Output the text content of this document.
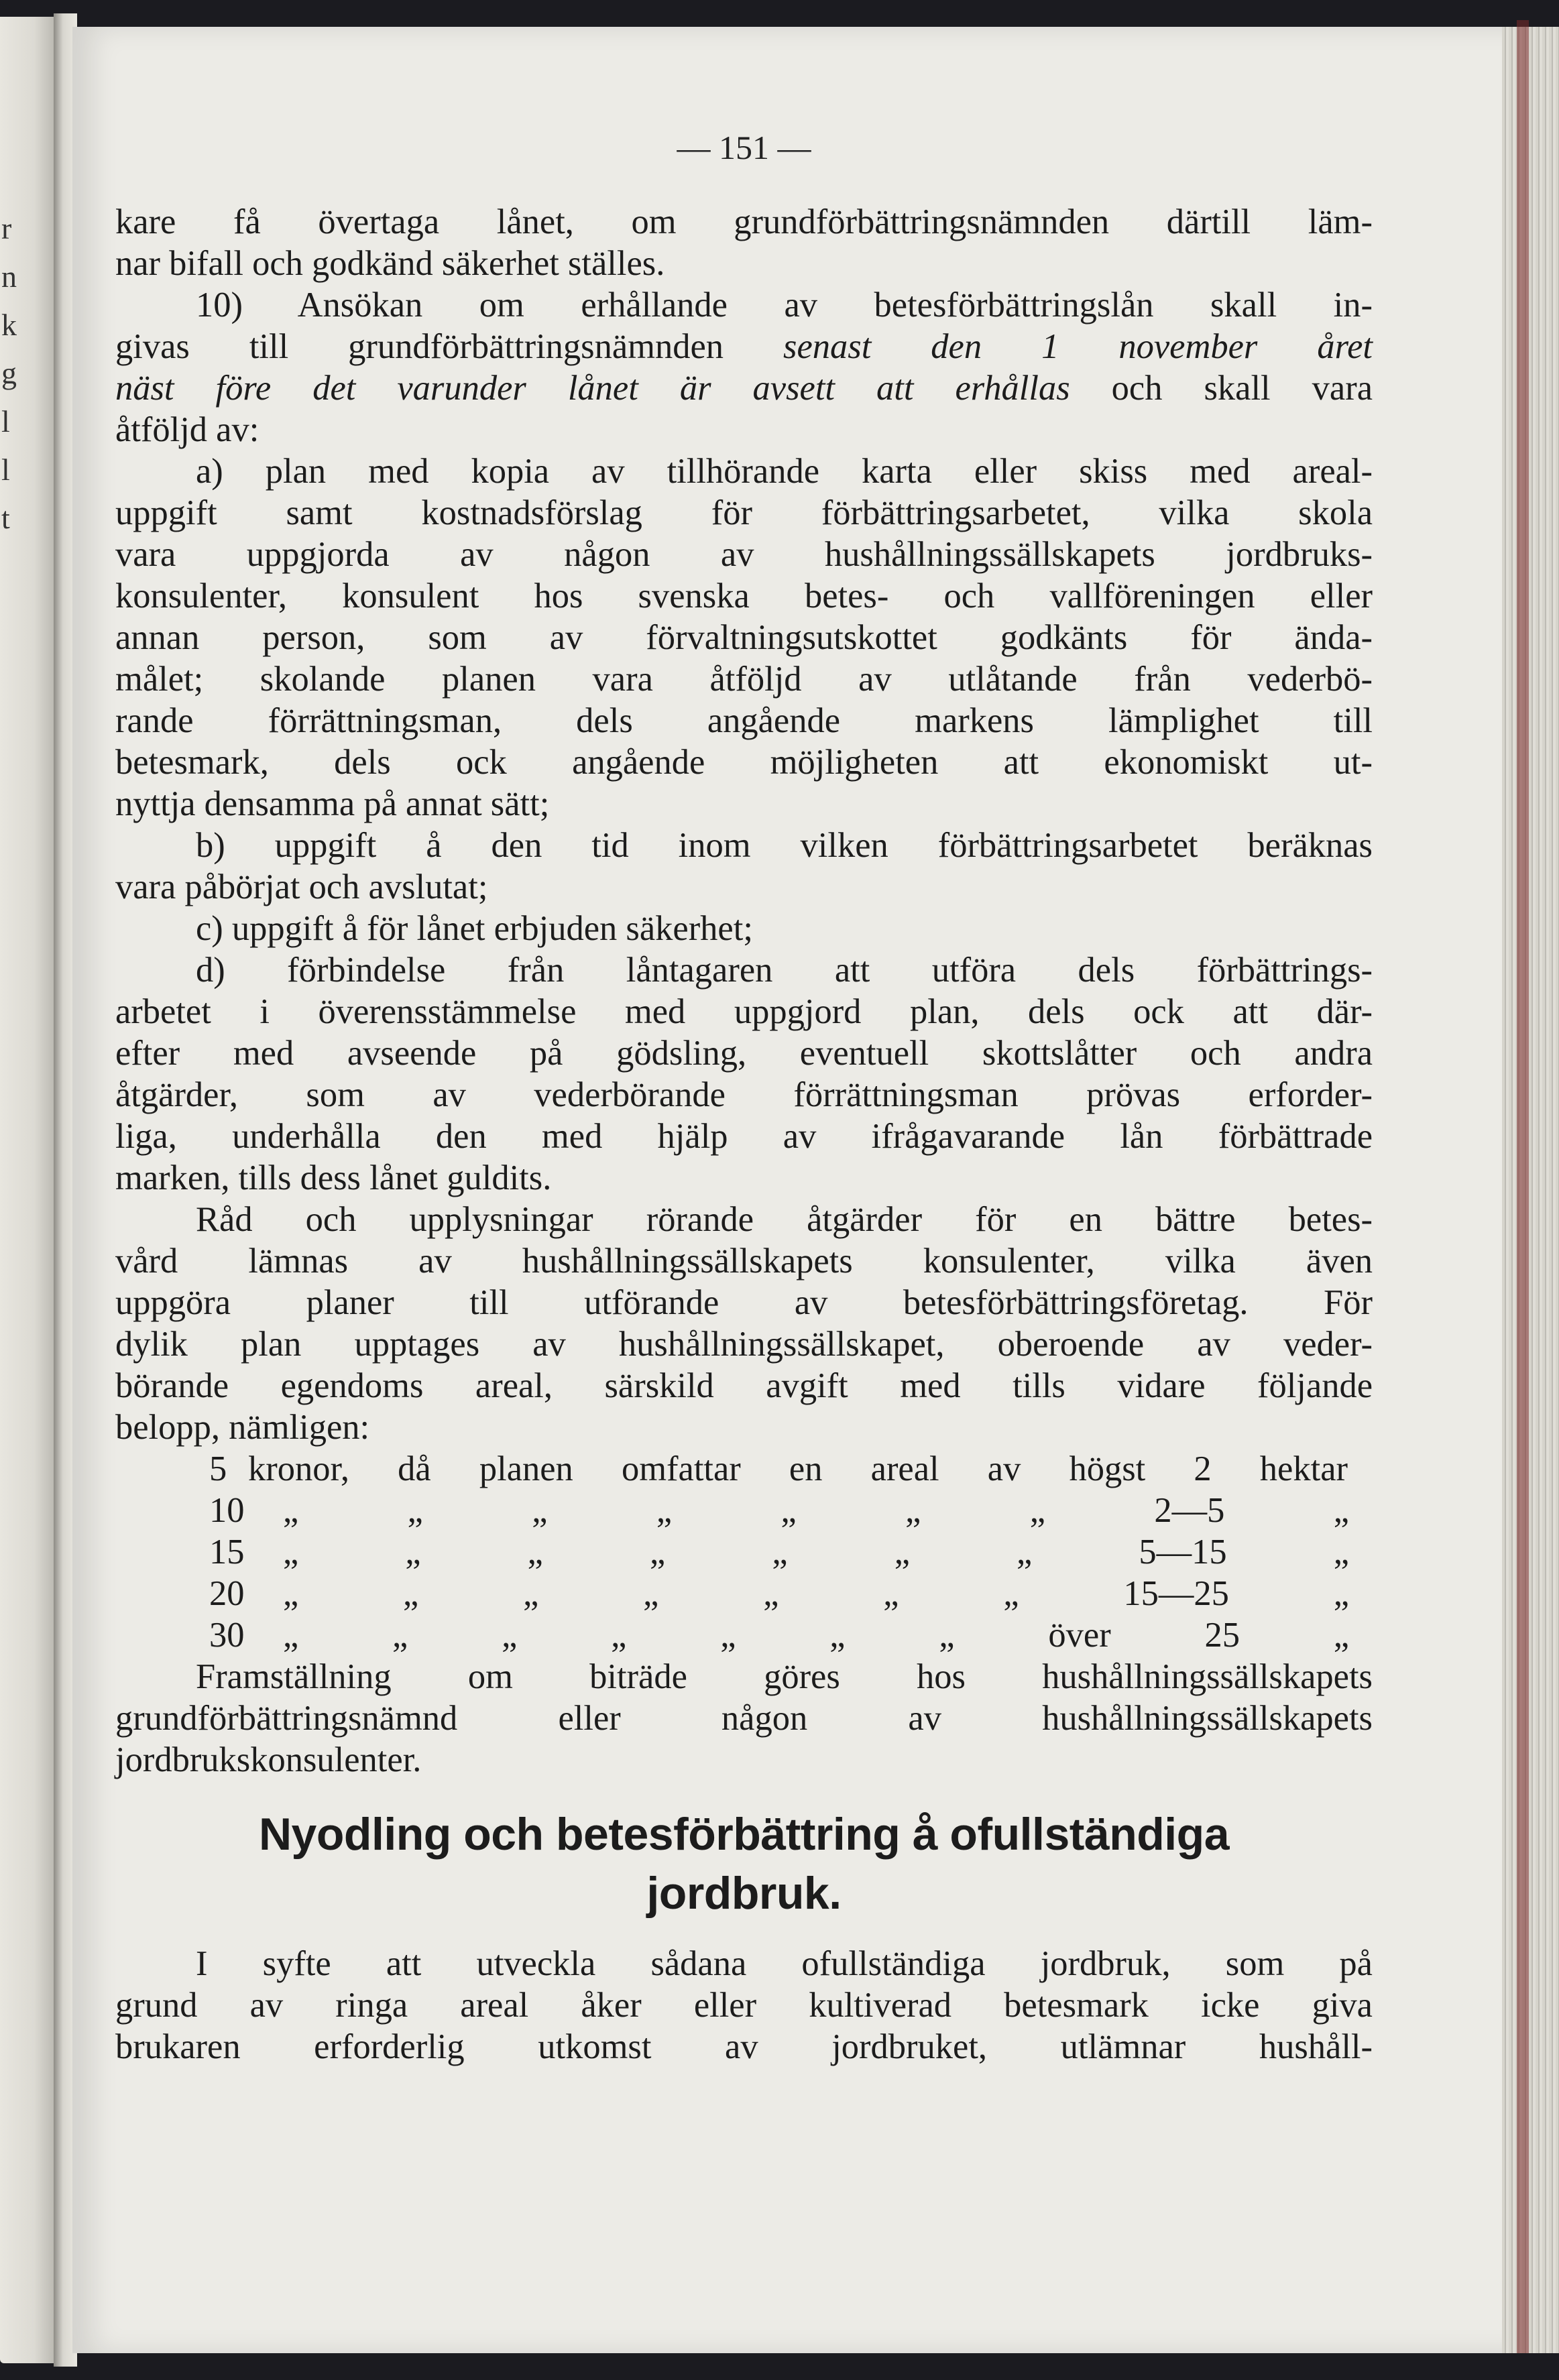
r
n
k
g
l
l
t
— 151 —

kare få övertaga lånet, om grundförbättringsnämnden därtill läm-
nar bifall och godkänd säkerhet ställes.

10) Ansökan om erhållande av betesförbättringslån skall in-
givas till grundförbättringsnämnden senast den 1 november året
näst före det varunder lånet är avsett att erhållas och skall vara
åtföljd av:

a) plan med kopia av tillhörande karta eller skiss med areal-
uppgift samt kostnadsförslag för förbättringsarbetet, vilka skola
vara uppgjorda av någon av hushållningssällskapets jordbruks-
konsulenter, konsulent hos svenska betes- och vallföreningen eller
annan person, som av förvaltningsutskottet godkänts för ända-
målet; skolande planen vara åtföljd av utlåtande från vederbö-
rande förrättningsman, dels angående markens lämplighet till
betesmark, dels ock angående möjligheten att ekonomiskt ut-
nyttja densamma på annat sätt;

b) uppgift å den tid inom vilken förbättringsarbetet beräknas
vara påbörjat och avslutat;

c) uppgift å för lånet erbjuden säkerhet;

d) förbindelse från låntagaren att utföra dels förbättrings-
arbetet i överensstämmelse med uppgjord plan, dels ock att där-
efter med avseende på gödsling, eventuell skottslåtter och andra
åtgärder, som av vederbörande förrättningsman prövas erforder-
liga, underhålla den med hjälp av ifrågavarande lån förbättrade
marken, tills dess lånet guldits.

Råd och upplysningar rörande åtgärder för en bättre betes-
vård lämnas av hushållningssällskapets konsulenter, vilka även
uppgöra planer till utförande av betesförbättringsföretag. För
dylik plan upptages av hushållningssällskapet, oberoende av veder-
börande egendoms areal, särskild avgift med tills vidare följande
belopp, nämligen:

5 kronor, då planen omfattar en areal av högst 2 hektar
10	„ „ „ „ „ „ „ 2—5 „
15	„ „ „ „ „ „ „ 5—15 „
20	„ „ „ „ „ „ „ 15—25 „
30	„ „ „ „ „ „ „ över 25 „

Framställning om biträde göres hos hushållningssällskapets
grundförbättringsnämnd eller någon av hushållningssällskapets
jordbrukskonsulenter.

Nyodling och betesförbättring å ofullständiga
jordbruk.

I syfte att utveckla sådana ofullständiga jordbruk, som på
grund av ringa areal åker eller kultiverad betesmark icke giva
brukaren erforderlig utkomst av jordbruket, utlämnar hushåll-
